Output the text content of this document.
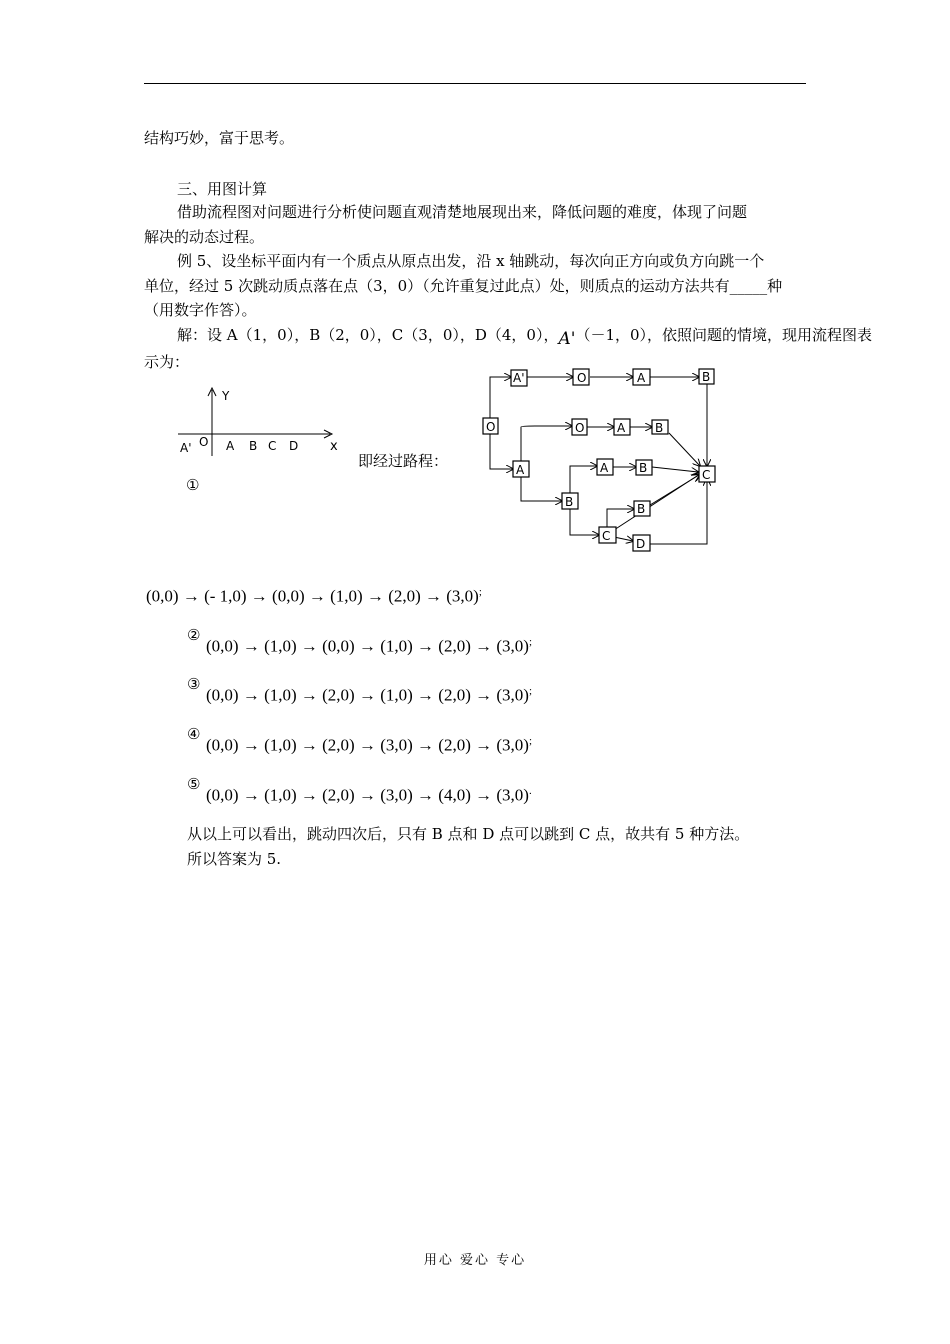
结构巧妙，富于思考。
三、用图计算
借助流程图对问题进行分析使问题直观清楚地展现出来，降低问题的难度，体现了问题
解决的动态过程。
例 5、设坐标平面内有一个质点从原点出发，沿 x 轴跳动，每次向正方向或负方向跳一个
单位，经过 5 次跳动质点落在点（3，0）（允许重复过此点）处，则质点的运动方法共有_____种
（用数字作答）。
解：设 A（1，0），B（2，0），C（3，0），D（4，0），A'（－1，0），依照问题的情境，现用流程图表
示为：
Y
x
A' O A B C D
①
即经过路程：
O
A'	O	A	B
O	A B
A	A	B	C
B	B
C
D
(0,0) → (- 1,0) → (0,0) → (1,0) → (2,0) → (3,0);
②
(0,0) → (1,0) → (0,0) → (1,0) → (2,0) → (3,0);
③
(0,0) → (1,0) → (2,0) → (1,0) → (2,0) → (3,0);
④
(0,0) → (1,0) → (2,0) → (3,0) → (2,0) → (3,0);
⑤
(0,0) → (1,0) → (2,0) → (3,0) → (4,0) → (3,0).
从以上可以看出，跳动四次后，只有 B 点和 D 点可以跳到 C 点，故共有 5 种方法。
所以答案为 5.
用心 爱心 专心
